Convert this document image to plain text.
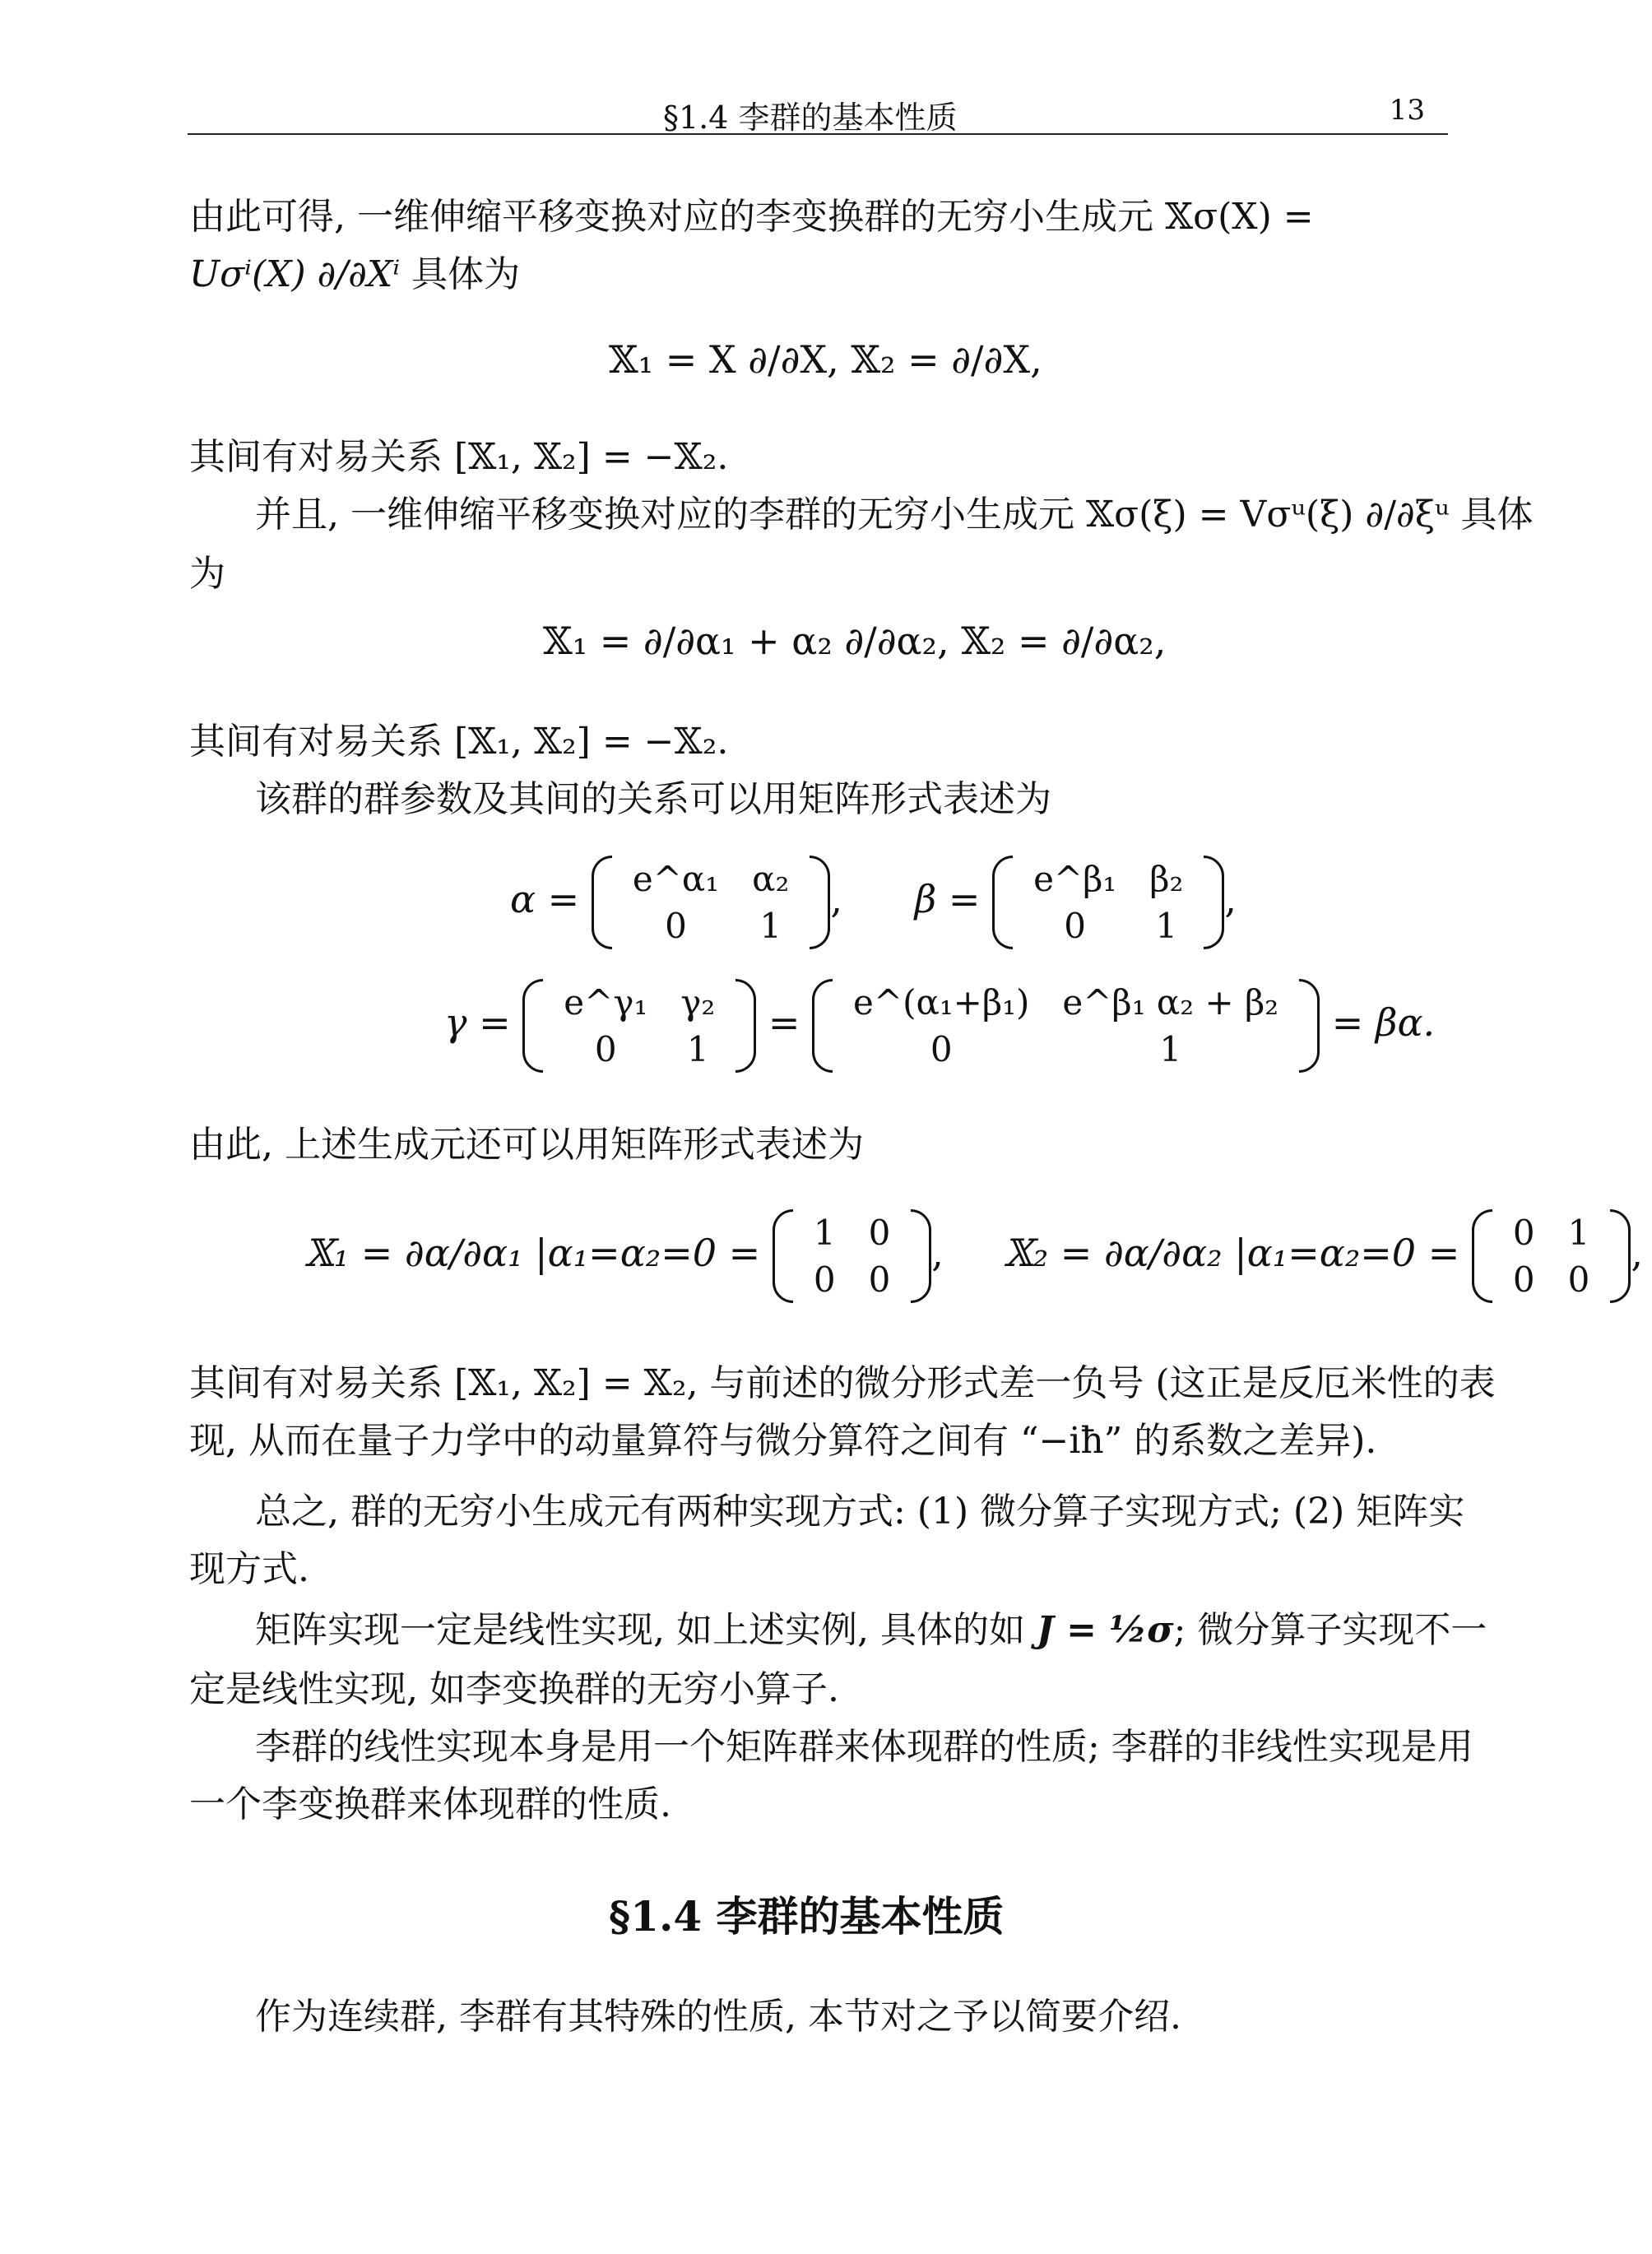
§1.4 李群的基本性质	13

由此可得, 一维伸缩平移变换对应的李变换群的无穷小生成元 𝕏σ(X) =

Uσⁱ(X) ∂/∂Xⁱ 具体为

𝕏₁ = X ∂/∂X, 𝕏₂ = ∂/∂X,

其间有对易关系 [𝕏₁, 𝕏₂] = −𝕏₂.

并且, 一维伸缩平移变换对应的李群的无穷小生成元 𝕏σ(ξ) = Vσᵘ(ξ) ∂/∂ξᵘ 具体

为

𝕏₁ = ∂/∂α₁ + α₂ ∂/∂α₂, 𝕏₂ = ∂/∂α₂,

其间有对易关系 [𝕏₁, 𝕏₂] = −𝕏₂.

该群的群参数及其间的关系可以用矩阵形式表述为

α = e^α₁	α₂
0	1
,      β = e^β₁	β₂
0	1
,
γ = e^γ₁	γ₂
0	1
= e^(α₁+β₁)	e^β₁ α₂ + β₂
0	1
= βα.

由此, 上述生成元还可以用矩阵形式表述为

𝕏₁ = ∂α/∂α₁ |α₁=α₂=0 = 1	0
0	0
,     𝕏₂ = ∂α/∂α₂ |α₁=α₂=0 = 0	1
0	0
,

其间有对易关系 [𝕏₁, 𝕏₂] = 𝕏₂, 与前述的微分形式差一负号 (这正是反厄米性的表

现, 从而在量子力学中的动量算符与微分算符之间有 “−iħ” 的系数之差异).

总之, 群的无穷小生成元有两种实现方式: (1) 微分算子实现方式; (2) 矩阵实

现方式.

矩阵实现一定是线性实现, 如上述实例, 具体的如 J = ½σ; 微分算子实现不一

定是线性实现, 如李变换群的无穷小算子.

李群的线性实现本身是用一个矩阵群来体现群的性质; 李群的非线性实现是用

一个李变换群来体现群的性质.

§1.4 李群的基本性质

作为连续群, 李群有其特殊的性质, 本节对之予以简要介绍.
